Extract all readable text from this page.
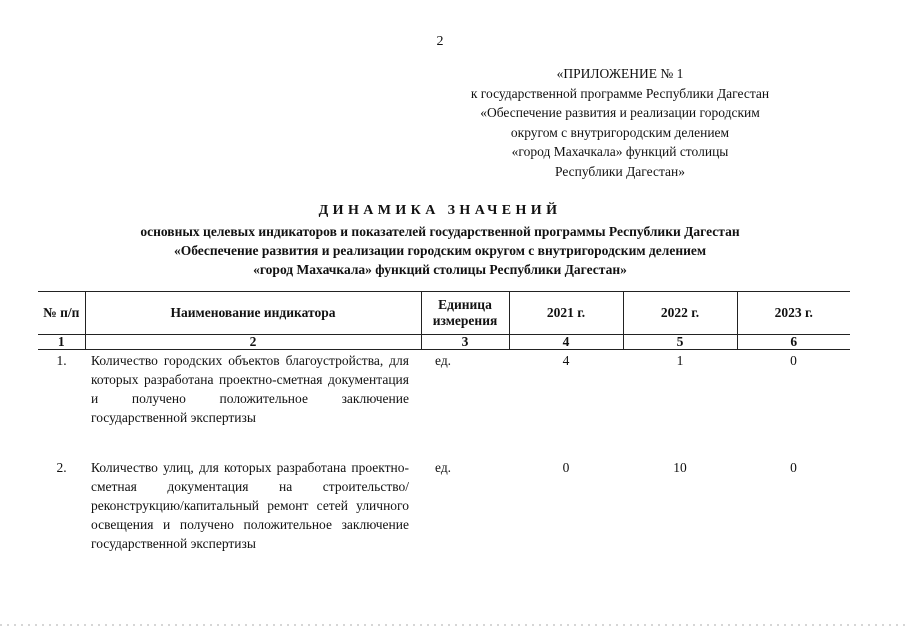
2
«ПРИЛОЖЕНИЕ № 1
к государственной программе Республики Дагестан
«Обеспечение развития и реализации городским
округом с внутригородским делением
«город Махачкала» функций столицы
Республики Дагестан»
ДИНАМИКА ЗНАЧЕНИЙ
основных целевых индикаторов и показателей государственной программы Республики Дагестан
«Обеспечение развития и реализации городским округом с внутригородским делением
«город Махачкала» функций столицы Республики Дагестан»
№ п/п	Наименование индикатора	Единица измерения	2021 г.	2022 г.	2023 г.
1	2	3	4	5	6
1.	Количество городских объектов благоустройства, для которых разработана проектно-сметная документация и получено положительное заключение государственной экспертизы	ед.	4	1	0
2.	Количество улиц, для которых разработана проектно-сметная документация на строительство/реконструкцию/капитальный ремонт сетей уличного освещения и получено положительное заключение государственной экспертизы	ед.	0	10	0
